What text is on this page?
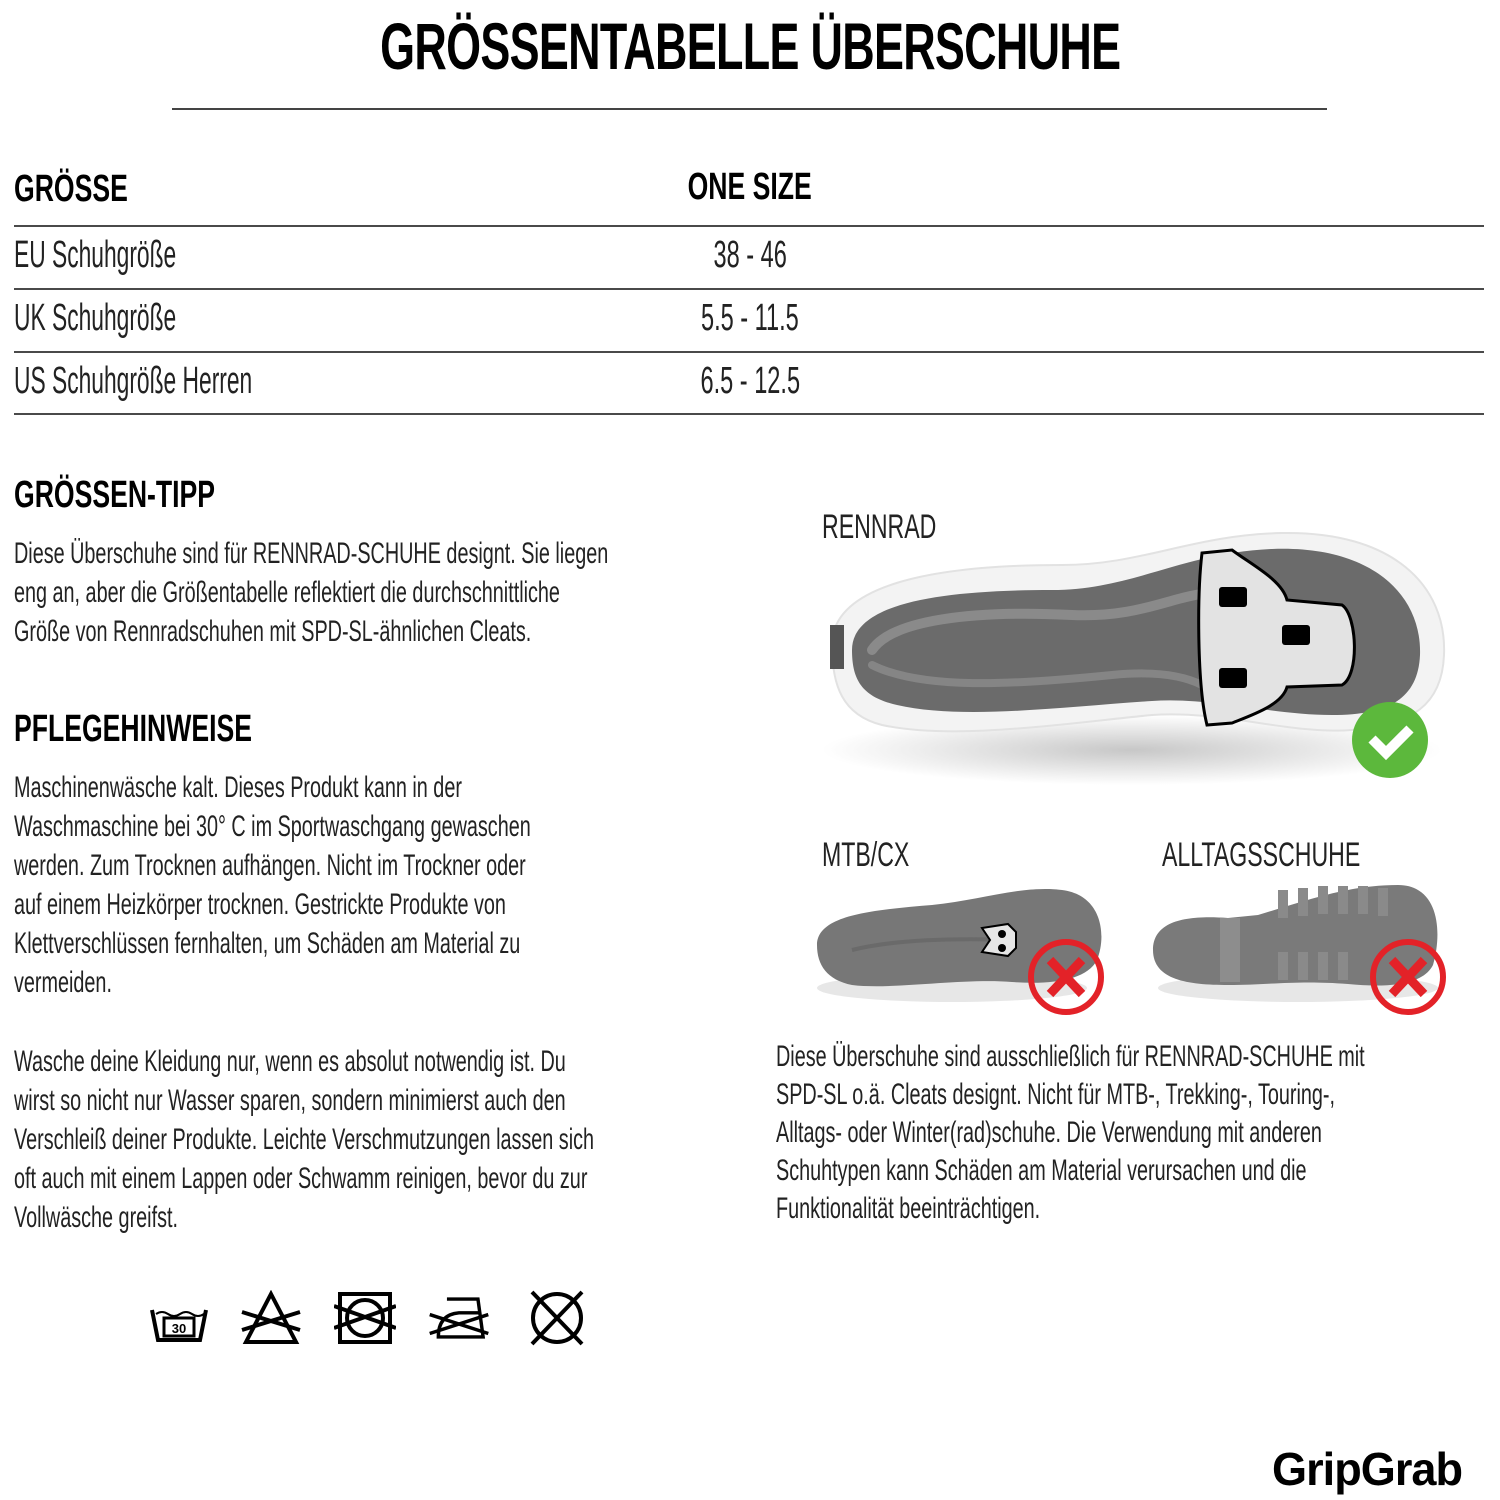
GRÖSSENTABELLE ÜBERSCHUHE
GRÖSSE	ONE SIZE
EU Schuhgröße	38 - 46
UK Schuhgröße	5.5 - 11.5
US Schuhgröße Herren	6.5 - 12.5
GRÖSSEN-TIPP
Diese Überschuhe sind für RENNRAD-SCHUHE designt. Sie liegen
eng an, aber die Größentabelle reflektiert die durchschnittliche
Größe von Rennradschuhen mit SPD-SL-ähnlichen Cleats.
PFLEGEHINWEISE
Maschinenwäsche kalt. Dieses Produkt kann in der
Waschmaschine bei 30° C im Sportwaschgang gewaschen
werden. Zum Trocknen aufhängen. Nicht im Trockner oder
auf einem Heizkörper trocknen. Gestrickte Produkte von
Klettverschlüssen fernhalten, um Schäden am Material zu
vermeiden.
Wasche deine Kleidung nur, wenn es absolut notwendig ist. Du
wirst so nicht nur Wasser sparen, sondern minimierst auch den
Verschleiß deiner Produkte. Leichte Verschmutzungen lassen sich
oft auch mit einem Lappen oder Schwamm reinigen, bevor du zur
Vollwäsche greifst.
30
RENNRAD
MTB/CX	ALLTAGSSCHUHE
Diese Überschuhe sind ausschließlich für RENNRAD-SCHUHE mit
SPD-SL o.ä. Cleats designt. Nicht für MTB-, Trekking-, Touring-,
Alltags- oder Winter(rad)schuhe. Die Verwendung mit anderen
Schuhtypen kann Schäden am Material verursachen und die
Funktionalität beeinträchtigen.
GripGrab
